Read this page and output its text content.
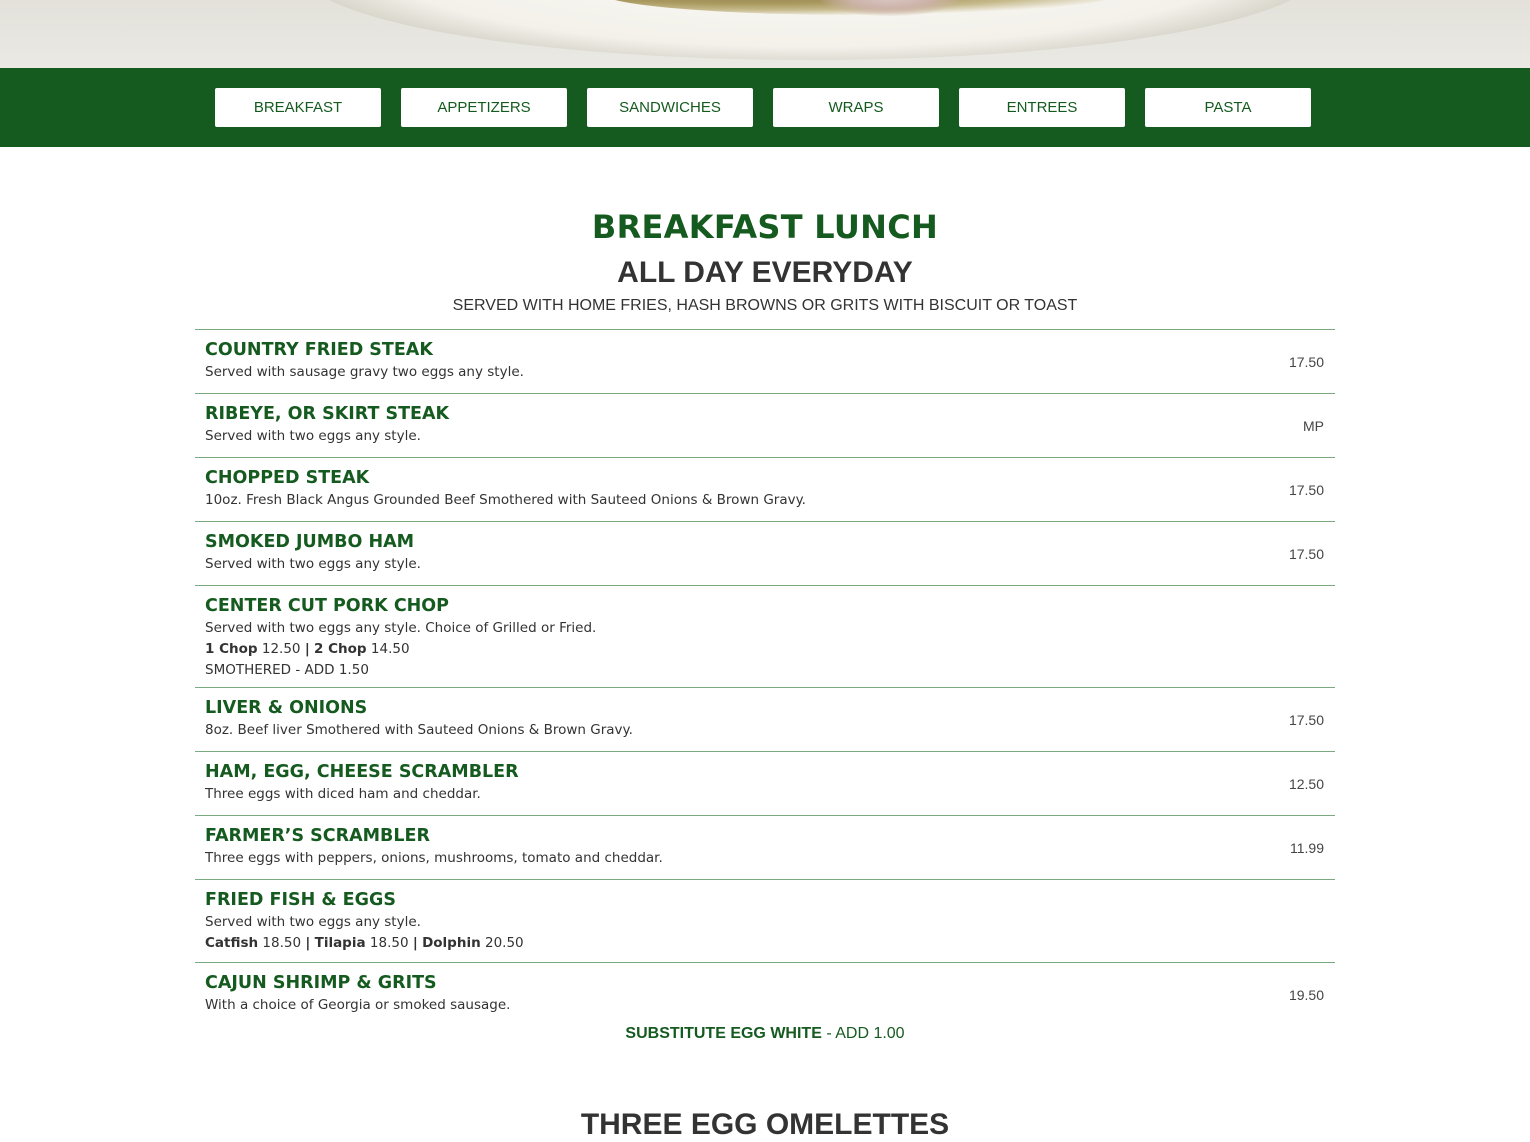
BREAKFAST	APPETIZERS	SANDWICHES	WRAPS	ENTREES	PASTA
BREAKFAST LUNCH
ALL DAY EVERYDAY

SERVED WITH HOME FRIES, HASH BROWNS OR GRITS WITH BISCUIT OR TOAST

COUNTRY FRIED STEAK
Served with sausage gravy two eggs any style.
17.50
RIBEYE, OR SKIRT STEAK
Served with two eggs any style.
MP
CHOPPED STEAK
10oz. Fresh Black Angus Grounded Beef Smothered with Sauteed Onions & Brown Gravy.
17.50
SMOKED JUMBO HAM
Served with two eggs any style.
17.50
CENTER CUT PORK CHOP
Served with two eggs any style. Choice of Grilled or Fried.
1 Chop 12.50 | 2 Chop 14.50
SMOTHERED - ADD 1.50
LIVER & ONIONS
8oz. Beef liver Smothered with Sauteed Onions & Brown Gravy.
17.50
HAM, EGG, CHEESE SCRAMBLER
Three eggs with diced ham and cheddar.
12.50
FARMER’S SCRAMBLER
Three eggs with peppers, onions, mushrooms, tomato and cheddar.
11.99
FRIED FISH & EGGS
Served with two eggs any style.
Catfish 18.50 | Tilapia 18.50 | Dolphin 20.50
CAJUN SHRIMP & GRITS
With a choice of Georgia or smoked sausage.
19.50

SUBSTITUTE EGG WHITE - ADD 1.00

THREE EGG OMELETTES
